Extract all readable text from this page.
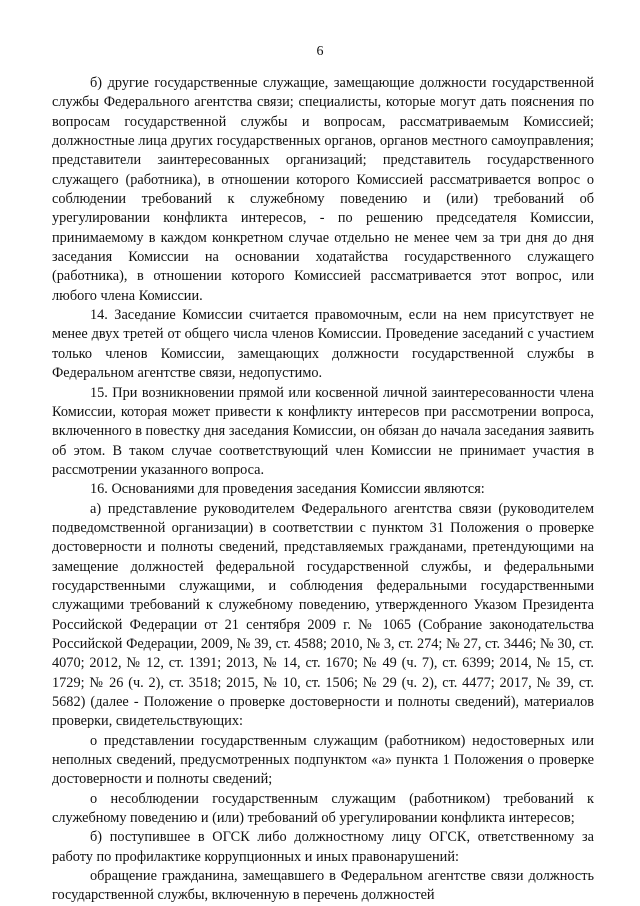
6

б) другие государственные служащие, замещающие должности государственной службы Федерального агентства связи; специалисты, которые могут дать пояснения по вопросам государственной службы и вопросам, рассматриваемым Комиссией; должностные лица других государственных органов, органов местного самоуправления; представители заинтересованных организаций; представитель государственного служащего (работника), в отношении которого Комиссией рассматривается вопрос о соблюдении требований к служебному поведению и (или) требований об урегулировании конфликта интересов, - по решению председателя Комиссии, принимаемому в каждом конкретном случае отдельно не менее чем за три дня до дня заседания Комиссии на основании ходатайства государственного служащего (работника), в отношении которого Комиссией рассматривается этот вопрос, или любого члена Комиссии.

14. Заседание Комиссии считается правомочным, если на нем присутствует не менее двух третей от общего числа членов Комиссии. Проведение заседаний с участием только членов Комиссии, замещающих должности государственной службы в Федеральном агентстве связи, недопустимо.

15. При возникновении прямой или косвенной личной заинтересованности члена Комиссии, которая может привести к конфликту интересов при рассмотрении вопроса, включенного в повестку дня заседания Комиссии, он обязан до начала заседания заявить об этом. В таком случае соответствующий член Комиссии не принимает участия в рассмотрении указанного вопроса.

16. Основаниями для проведения заседания Комиссии являются:

а) представление руководителем Федерального агентства связи (руководителем подведомственной организации) в соответствии с пунктом 31 Положения о проверке достоверности и полноты сведений, представляемых гражданами, претендующими на замещение должностей федеральной государственной службы, и федеральными государственными служащими, и соблюдения федеральными государственными служащими требований к служебному поведению, утвержденного Указом Президента Российской Федерации от 21 сентября 2009 г. № 1065 (Собрание законодательства Российской Федерации, 2009, № 39, ст. 4588; 2010, № 3, ст. 274; № 27, ст. 3446; № 30, ст. 4070; 2012, № 12, ст. 1391; 2013, № 14, ст. 1670; № 49 (ч. 7), ст. 6399; 2014, № 15, ст. 1729; № 26 (ч. 2), ст. 3518; 2015, № 10, ст. 1506; № 29 (ч. 2), ст. 4477; 2017, № 39, ст. 5682) (далее - Положение о проверке достоверности и полноты сведений), материалов проверки, свидетельствующих:

о представлении государственным служащим (работником) недостоверных или неполных сведений, предусмотренных подпунктом «а» пункта 1 Положения о проверке достоверности и полноты сведений;

о несоблюдении государственным служащим (работником) требований к служебному поведению и (или) требований об урегулировании конфликта интересов;

б) поступившее в ОГСК либо должностному лицу ОГСК, ответственному за работу по профилактике коррупционных и иных правонарушений:

обращение гражданина, замещавшего в Федеральном агентстве связи должность государственной службы, включенную в перечень должностей
